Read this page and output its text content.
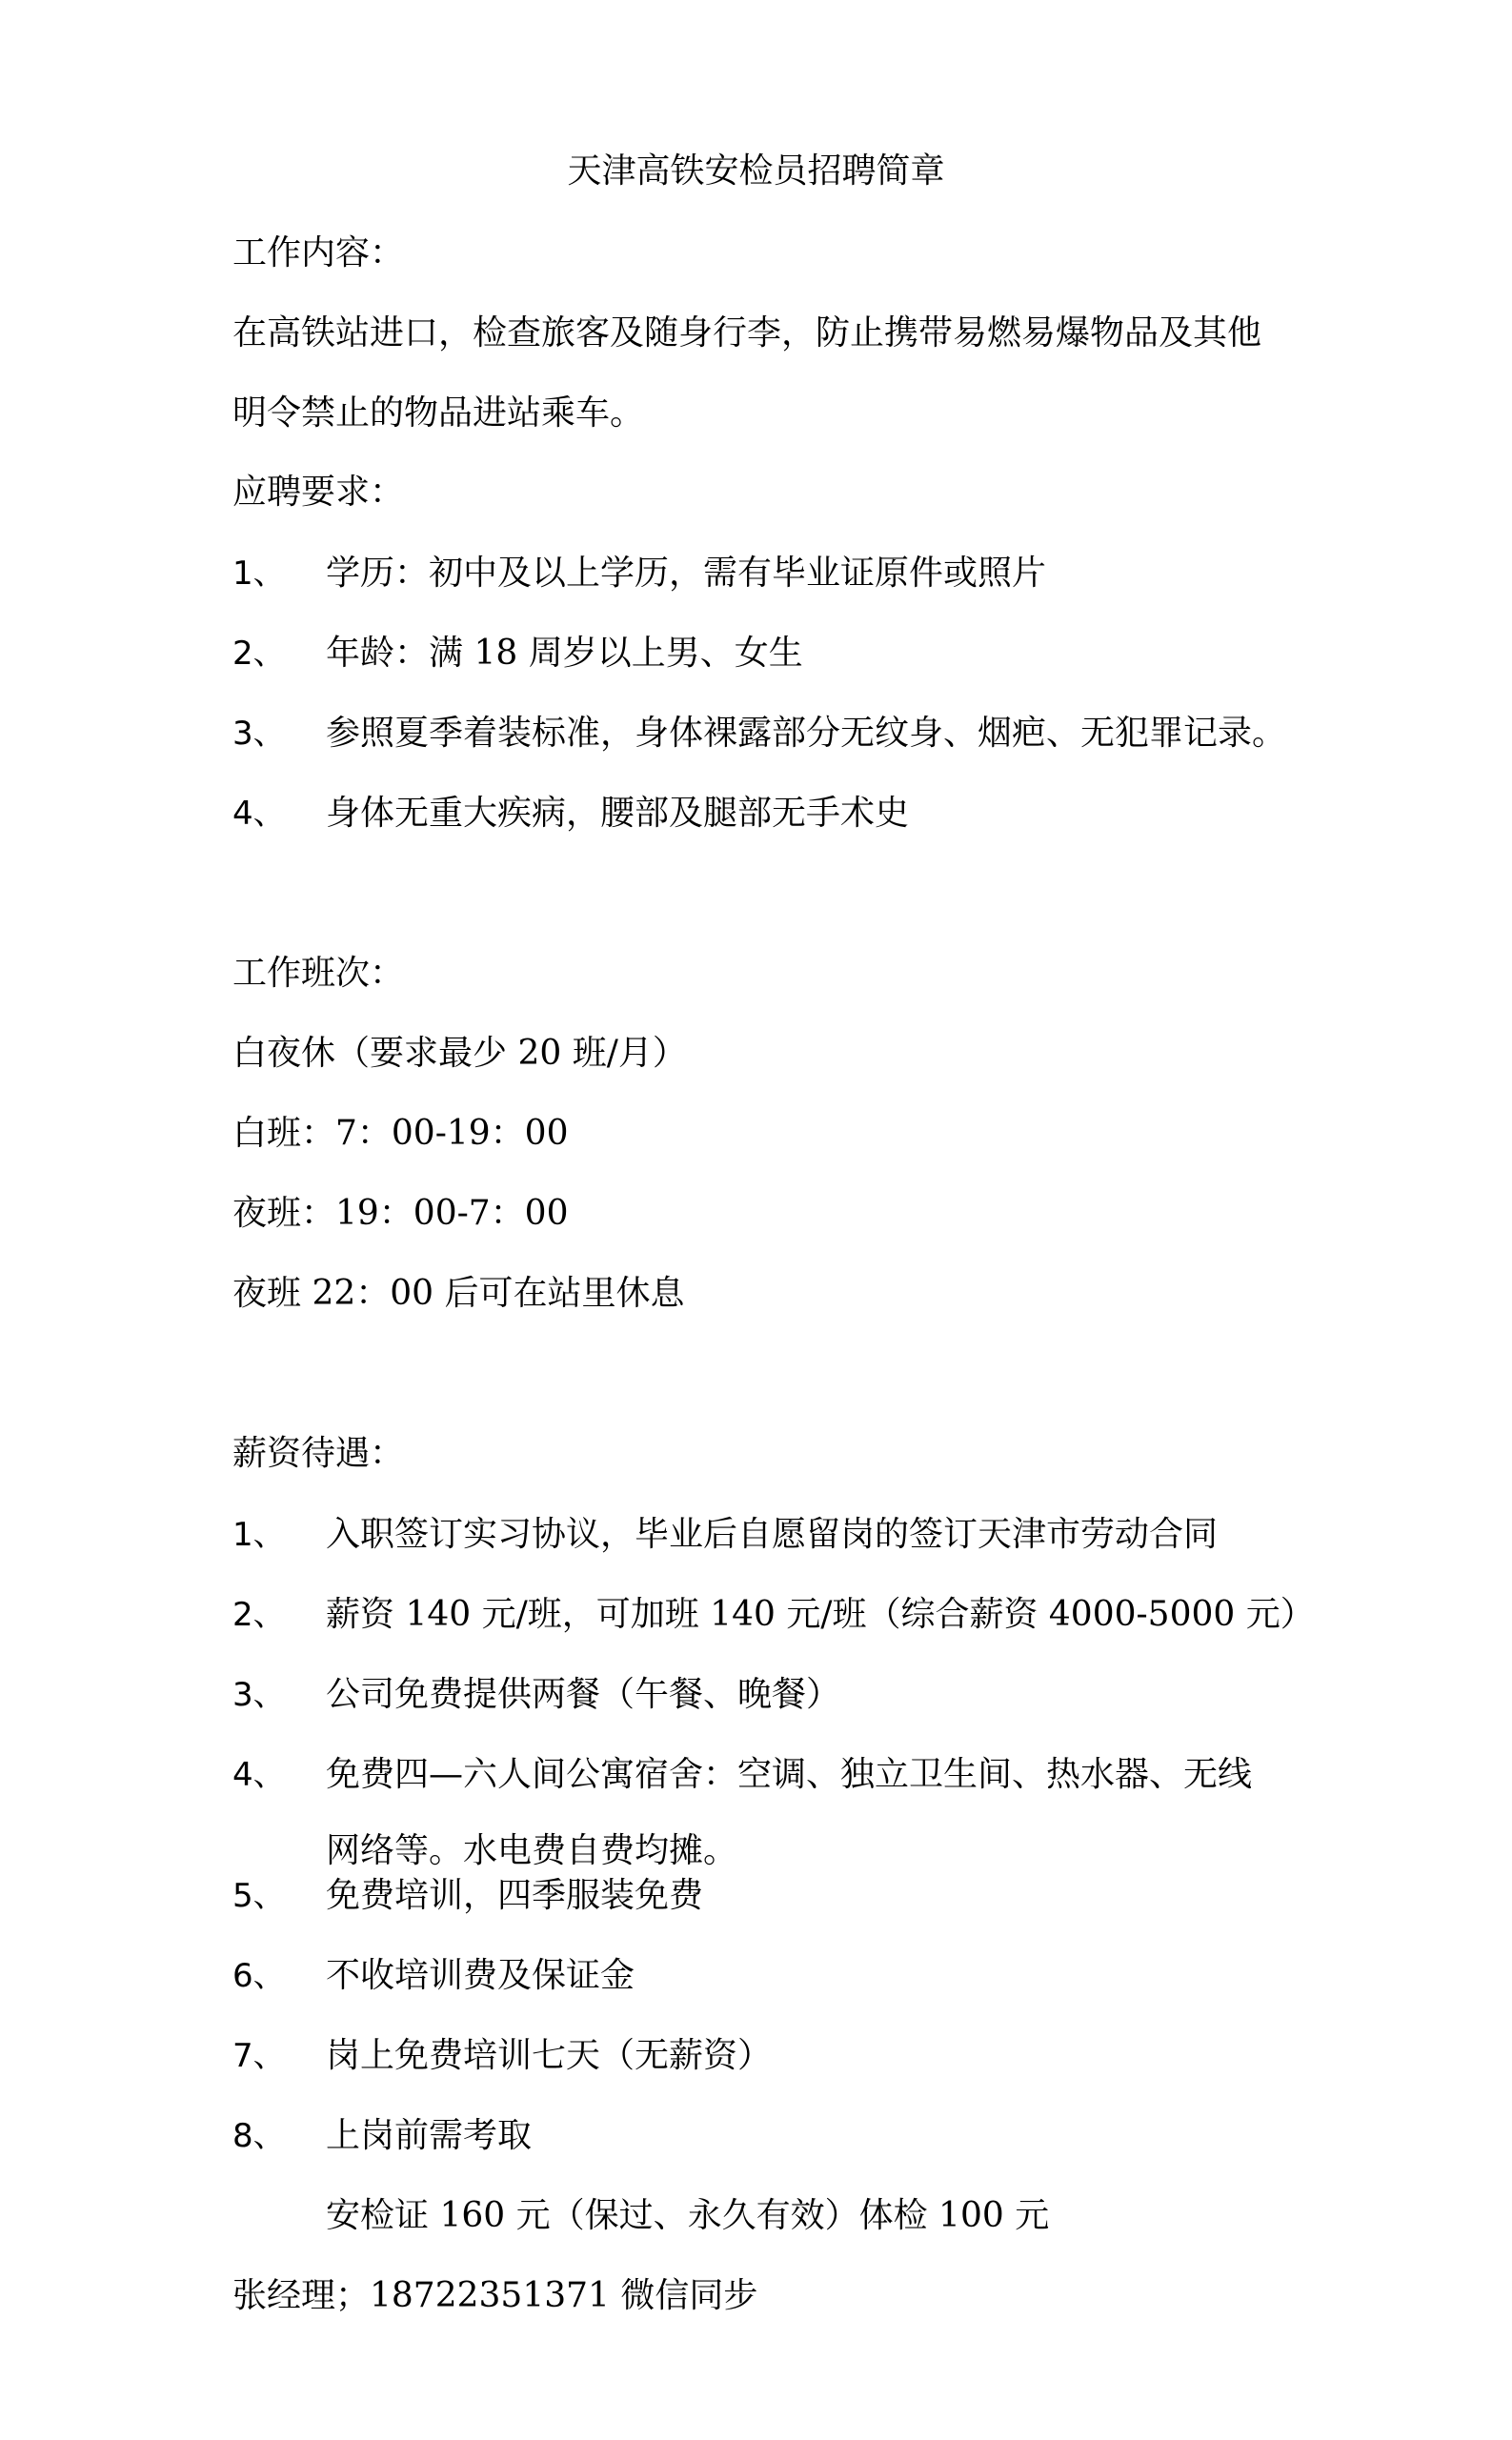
天津高铁安检员招聘简章
工作内容：
在高铁站进口，检查旅客及随身行李，防止携带易燃易爆物品及其他
明令禁止的物品进站乘车。
应聘要求：
1、 学历：初中及以上学历，需有毕业证原件或照片
2、 年龄：满 18 周岁以上男、女生
3、 参照夏季着装标准，身体裸露部分无纹身、烟疤、无犯罪记录。
4、 身体无重大疾病，腰部及腿部无手术史
工作班次：
白夜休（要求最少 20 班/月）
白班：7：00-19：00
夜班：19：00-7：00
夜班 22：00 后可在站里休息
薪资待遇：
1、 入职签订实习协议，毕业后自愿留岗的签订天津市劳动合同
2、 薪资 140 元/班，可加班 140 元/班（综合薪资 4000-5000 元）
3、 公司免费提供两餐（午餐、晚餐）
4、 免费四—六人间公寓宿舍：空调、独立卫生间、热水器、无线
网络等。水电费自费均摊。
5、 免费培训，四季服装免费
6、 不收培训费及保证金
7、 岗上免费培训七天（无薪资）
8、 上岗前需考取
安检证 160 元（保过、永久有效）体检 100 元
张经理；18722351371 微信同步
